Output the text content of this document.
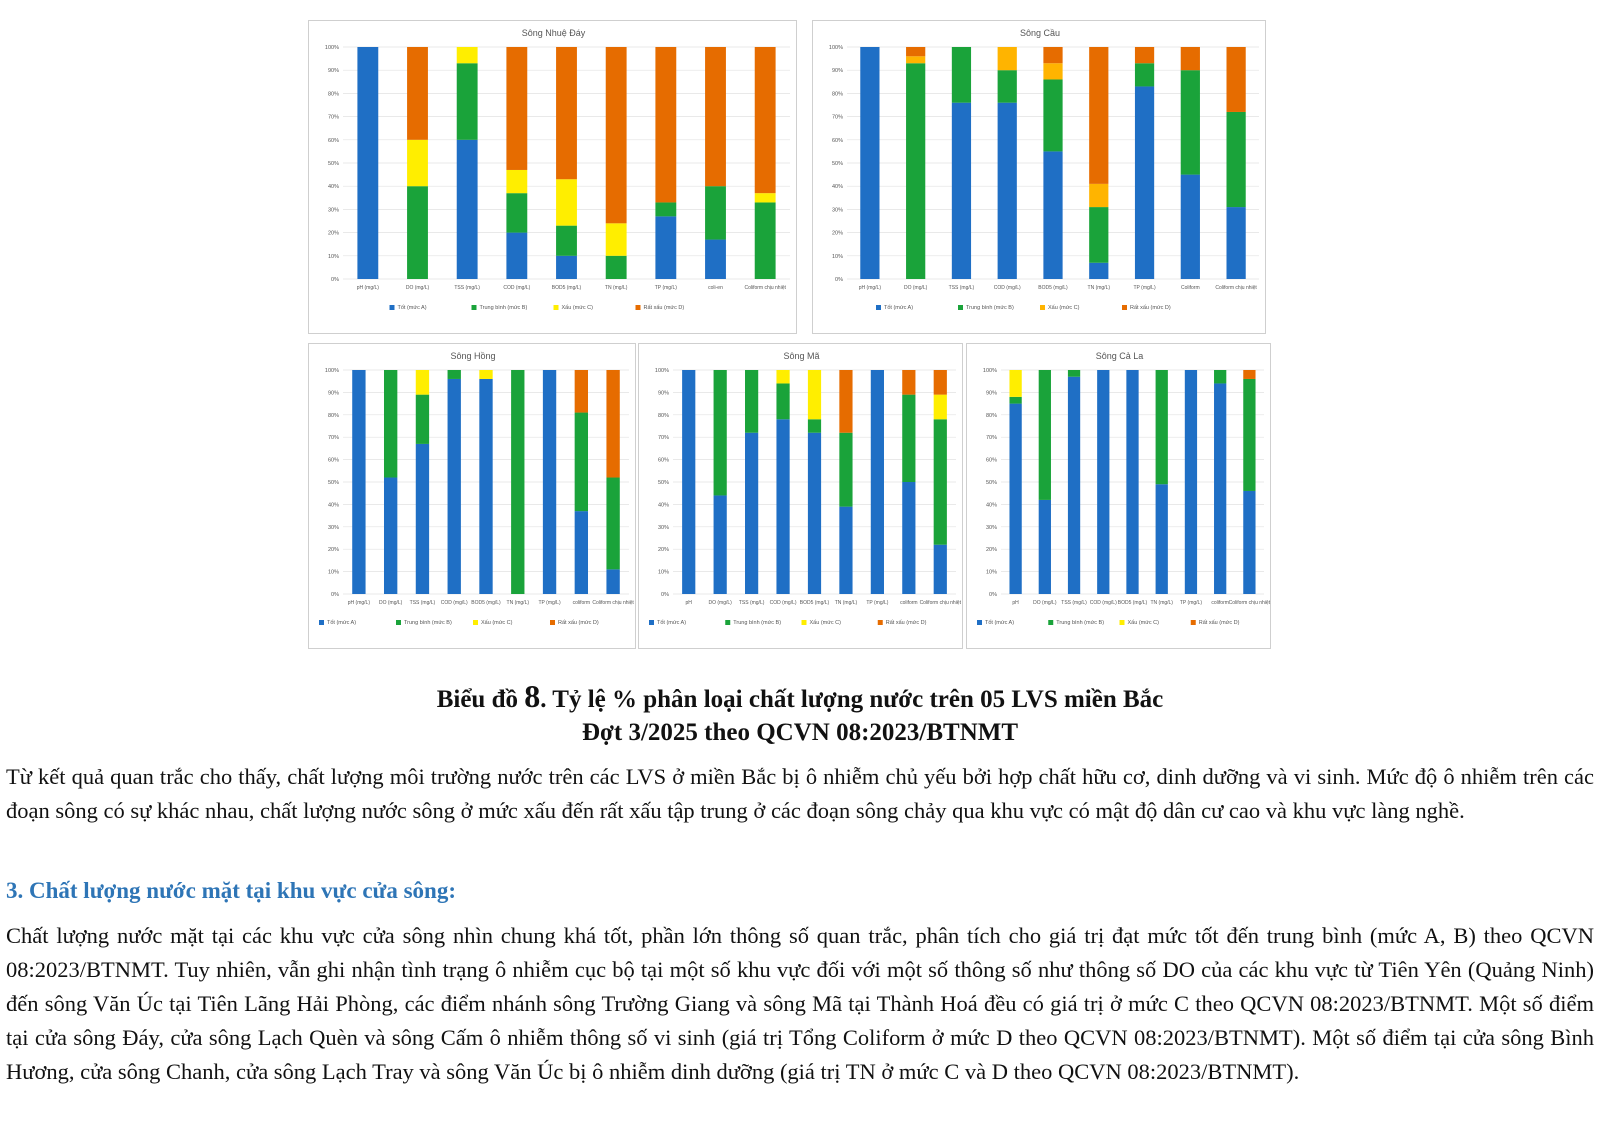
Sông Nhuệ Đáy
0%
10%
20%
30%
40%
50%
60%
70%
80%
90%
100%
pH (mg/L)	DO (mg/L)	TSS (mg/L)	COD (mg/L)	BOD5 (mg/L)	TN (mg/L)	TP (mg/L)	coli-en	Coliform chịu nhiệt
Tốt (mức A)	Trung bình (mức B)	Xấu (mức C)	Rất xấu (mức D)
Sông Cầu
0%
10%
20%
30%
40%
50%
60%
70%
80%
90%
100%
pH (mg/L)	DO (mg/L)	TSS (mg/L)	COD (mg/L)	BOD5 (mg/L)	TN (mg/L)	TP (mg/L)	Coliform	Coliform chịu nhiệt
Tốt (mức A)	Trung bình (mức B)	Xấu (mức C)	Rất xấu (mức D)
Sông Hồng
0%
10%
20%
30%
40%
50%
60%
70%
80%
90%
100%
pH (mg/L) DO (mg/L) TSS (mg/L) COD (mg/L) BOD5 (mg/L) TN (mg/L) TP (mg/L) coliform Coliform chịu nhiệt
Tốt (mức A)	Trung bình (mức B)	Xấu (mức C)	Rất xấu (mức D)
Sông Mã
0%
10%
20%
30%
40%
50%
60%
70%
80%
90%
100%
pH	DO (mg/L) TSS (mg/L) COD (mg/L) BOD5 (mg/L) TN (mg/L) TP (mg/L) coliform Coliform chịu nhiệt
Tốt (mức A)	Trung bình (mức B)	Xấu (mức C)	Rất xấu (mức D)
Sông Cả La
0%
10%
20%
30%
40%
50%
60%
70%
80%
90%
100%
pH	DO (mg/L) TSS (mg/L) COD (mg/L) BOD5 (mg/L) TN (mg/L) TP (mg/L) coliform Coliform chịu nhiệt
Tốt (mức A)	Trung bình (mức B)	Xấu (mức C)	Rất xấu (mức D)
Biểu đồ 8. Tỷ lệ % phân loại chất lượng nước trên 05 LVS miền Bắc
Đợt 3/2025 theo QCVN 08:2023/BTNMT

Từ kết quả quan trắc cho thấy, chất lượng môi trường nước trên các LVS ở miền Bắc bị ô nhiễm chủ yếu bởi hợp chất hữu cơ, dinh dưỡng và vi sinh. Mức độ ô nhiễm trên các đoạn sông có sự khác nhau, chất lượng nước sông ở mức xấu đến rất xấu tập trung ở các đoạn sông chảy qua khu vực có mật độ dân cư cao và khu vực làng nghề.

3. Chất lượng nước mặt tại khu vực cửa sông:

Chất lượng nước mặt tại các khu vực cửa sông nhìn chung khá tốt, phần lớn thông số quan trắc, phân tích cho giá trị đạt mức tốt đến trung bình (mức A, B) theo QCVN 08:2023/BTNMT. Tuy nhiên, vẫn ghi nhận tình trạng ô nhiễm cục bộ tại một số khu vực đối với một số thông số như thông số DO của các khu vực từ Tiên Yên (Quảng Ninh) đến sông Văn Úc tại Tiên Lãng Hải Phòng, các điểm nhánh sông Trường Giang và sông Mã tại Thành Hoá đều có giá trị ở mức C theo QCVN 08:2023/BTNMT. Một số điểm tại cửa sông Đáy, cửa sông Lạch Quèn và sông Cấm ô nhiễm thông số vi sinh (giá trị Tổng Coliform ở mức D theo QCVN 08:2023/BTNMT). Một số điểm tại cửa sông Bình Hương, cửa sông Chanh, cửa sông Lạch Tray và sông Văn Úc bị ô nhiễm dinh dưỡng (giá trị TN ở mức C và D theo QCVN 08:2023/BTNMT).
